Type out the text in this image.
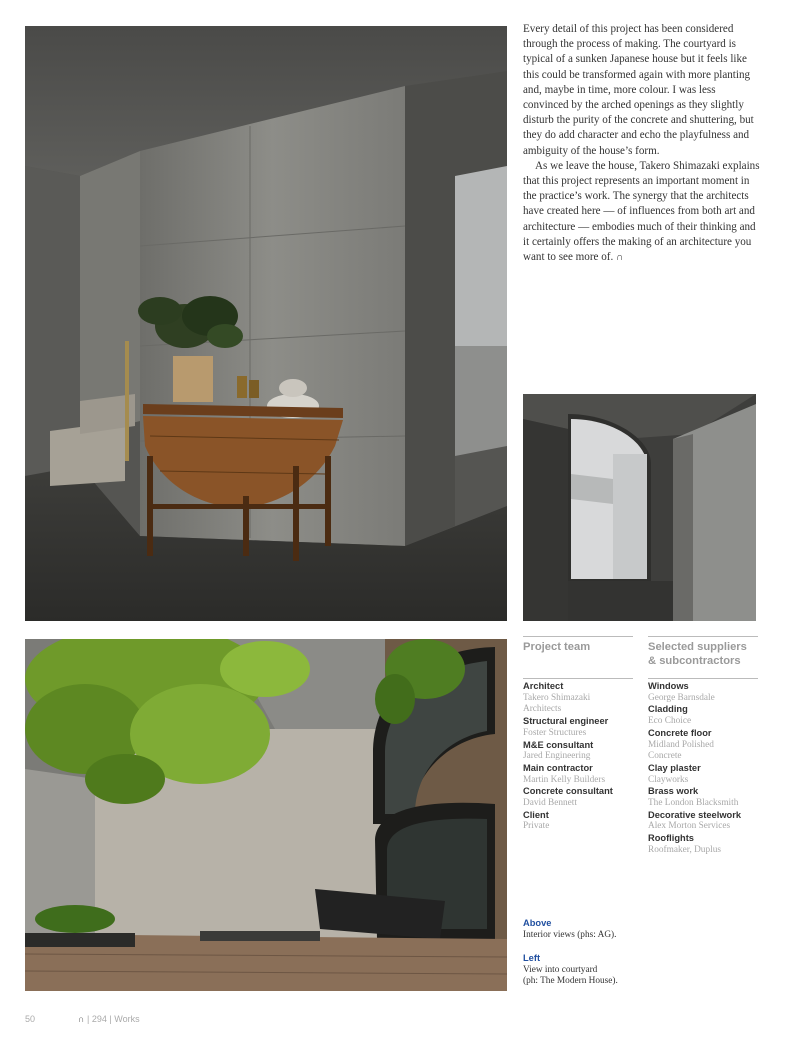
Every detail of this project has been considered through the process of making. The courtyard is typical of a sunken Japanese house but it feels like this could be transformed again with more planting and, maybe in time, more colour. I was less convinced by the arched openings as they slightly disturb the purity of the concrete and shuttering, but they do add character and echo the playfulness and ambiguity of the house’s form.

As we leave the house, Takero Shimazaki explains that this project represents an important moment in the practice’s work. The synergy that the architects have created here — of influences from both art and architecture — embodies much of their thinking and it certainly offers the making of an architecture you want to see more of. ∩

Project team
Architect
Takero Shimazaki
Architects
Structural engineer
Foster Structures
M&E consultant
Jared Engineering
Main contractor
Martin Kelly Builders
Concrete consultant
David Bennett
Client
Private
Selected suppliers
& subcontractors
Windows
George Barnsdale
Cladding
Eco Choice
Concrete floor
Midland Polished
Concrete
Clay plaster
Clayworks
Brass work
The London Blacksmith
Decorative steelwork
Alex Morton Services
Rooflights
Roofmaker, Duplus
Above
Interior views (phs: AG).
Left
View into courtyard
(ph: The Modern House).
50	∩ | 294 | Works
